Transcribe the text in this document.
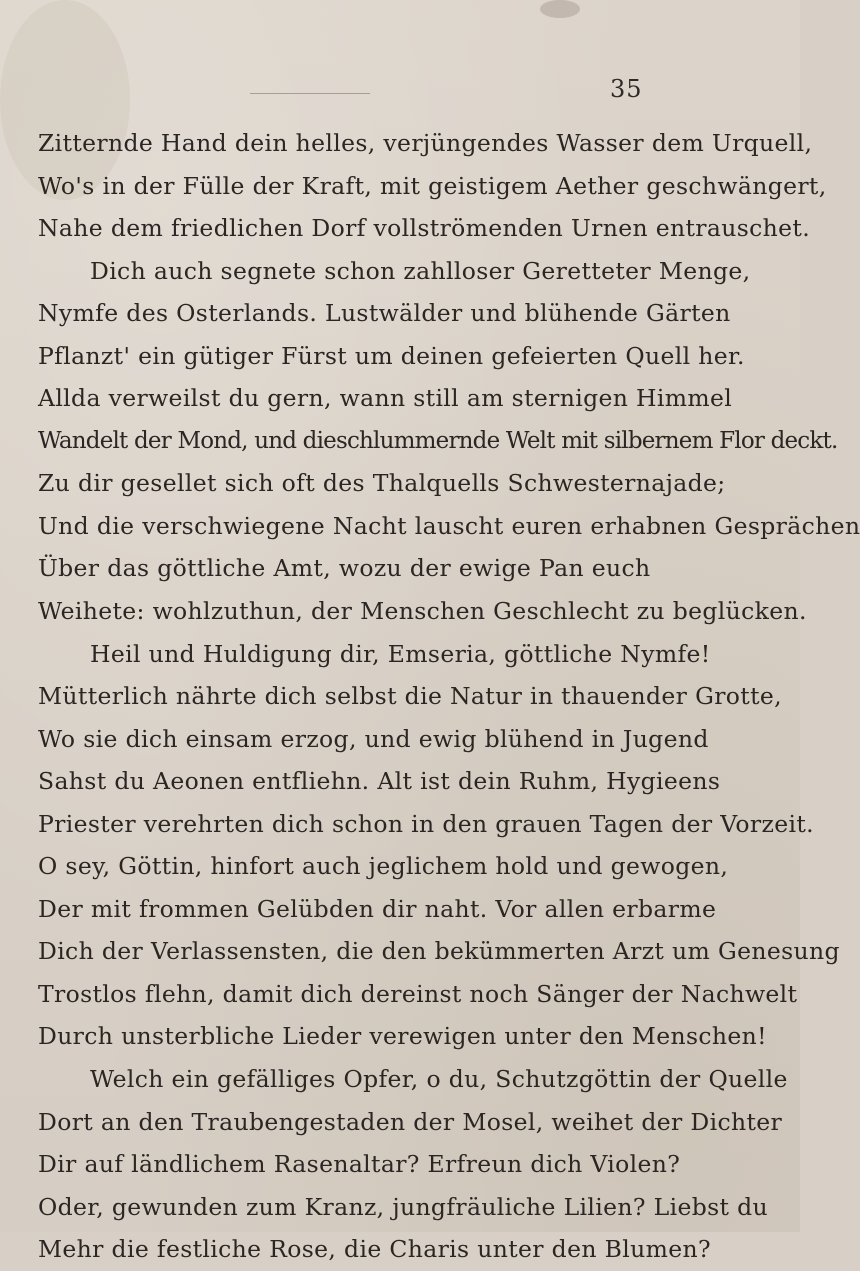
35
Zitternde Hand dein helles, verjüngendes Wasser dem Urquell,
Wo's in der Fülle der Kraft, mit geistigem Aether geschwängert,
Nahe dem friedlichen Dorf vollströmenden Urnen entrauschet.
Dich auch segnete schon zahlloser Geretteter Menge,
Nymfe des Osterlands. Lustwälder und blühende Gärten
Pflanzt' ein gütiger Fürst um deinen gefeierten Quell her.
Allda verweilst du gern, wann still am sternigen Himmel
Wandelt der Mond, und dieschlummernde Welt mit silbernem Flor deckt.
Zu dir gesellet sich oft des Thalquells Schwesternajade;
Und die verschwiegene Nacht lauscht euren erhabnen Gesprächen
Über das göttliche Amt, wozu der ewige Pan euch
Weihete: wohlzuthun, der Menschen Geschlecht zu beglücken.
Heil und Huldigung dir, Emseria, göttliche Nymfe!
Mütterlich nährte dich selbst die Natur in thauender Grotte,
Wo sie dich einsam erzog, und ewig blühend in Jugend
Sahst du Aeonen entfliehn. Alt ist dein Ruhm, Hygieens
Priester verehrten dich schon in den grauen Tagen der Vorzeit.
O sey, Göttin, hinfort auch jeglichem hold und gewogen,
Der mit frommen Gelübden dir naht. Vor allen erbarme
Dich der Verlassensten, die den bekümmerten Arzt um Genesung
Trostlos flehn, damit dich dereinst noch Sänger der Nachwelt
Durch unsterbliche Lieder verewigen unter den Menschen!
Welch ein gefälliges Opfer, o du, Schutzgöttin der Quelle
Dort an den Traubengestaden der Mosel, weihet der Dichter
Dir auf ländlichem Rasenaltar? Erfreun dich Violen?
Oder, gewunden zum Kranz, jungfräuliche Lilien? Liebst du
Mehr die festliche Rose, die Charis unter den Blumen?
